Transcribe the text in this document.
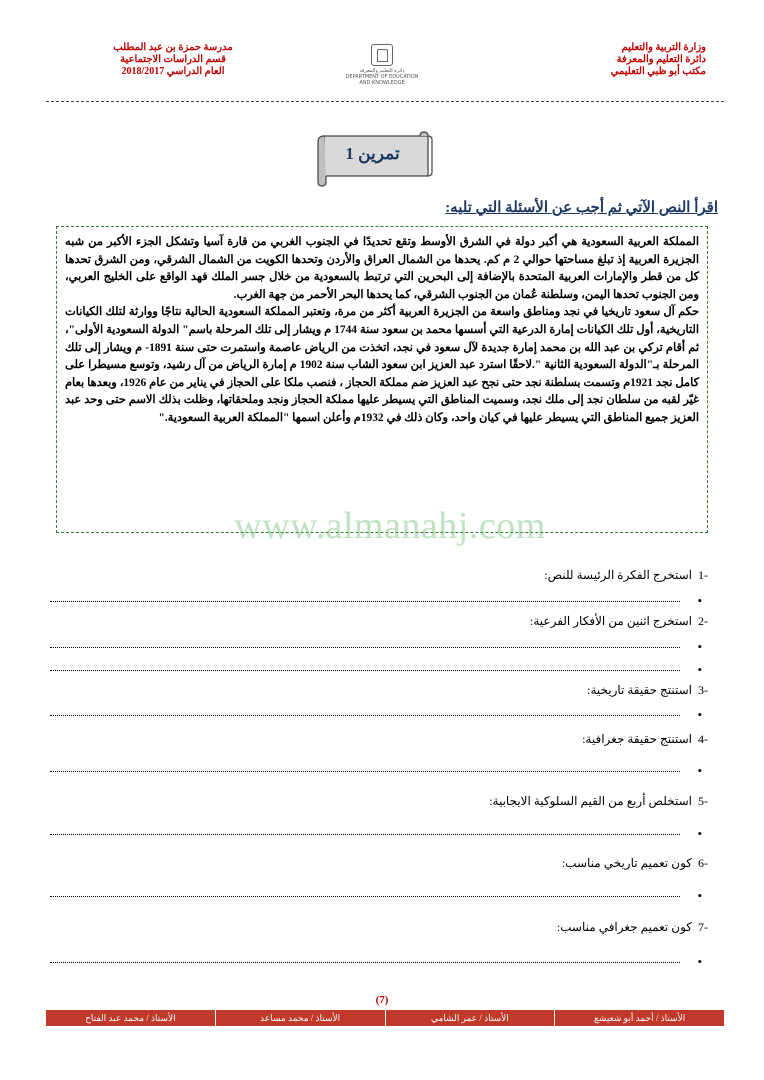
وزارة التربية والتعليم
دائرة التعليم والمعرفة
مكتب أبو ظبي التعليمي
دائرة التعليم والمعرفة
DEPARTMENT OF EDUCATION AND KNOWLEDGE
مدرسة حمزة بن عبد المطلب
قسم الدراسات الاجتماعية
العام الدراسي 2018/2017
تمرين 1
اقرأ النص الآتي ثم أجب عن الأسئلة التي تليه:

المملكة العربية السعودية هي أكبر دولة في الشرق الأوسط وتقع تحديدًا في الجنوب الغربي من قارة آسيا وتشكل الجزء الأكبر من شبه الجزيرة العربية إذ تبلغ مساحتها حوالي 2 م كم. يحدها من الشمال العراق والأردن وتحدها الكويت من الشمال الشرقي، ومن الشرق تحدها كل من قطر والإمارات العربية المتحدة بالإضافة إلى البحرين التي ترتبط بالسعودية من خلال جسر الملك فهد الواقع على الخليج العربي، ومن الجنوب تحدها اليمن، وسلطنة عُمان من الجنوب الشرقي، كما يحدها البحر الأحمر من جهة الغرب.

حكم آل سعود تاريخيا في نجد ومناطق واسعة من الجزيرة العربية أكثر من مرة، وتعتبر المملكة السعودية الحالية نتاجًا ووارثة لتلك الكيانات التاريخية، أول تلك الكيانات إمارة الدرعية التي أسسها محمد بن سعود سنة 1744 م ويشار إلى تلك المرحلة باسم" الدولة السعودية الأولى"، ثم أقام تركي بن عبد الله بن محمد إمارة جديدة لآل سعود في نجد، اتخذت من الرياض عاصمة واستمرت حتى سنة 1891- م ويشار إلى تلك المرحلة بـ"الدولة السعودية الثانية ".لاحقًا استرد عبد العزيز ابن سعود الشاب سنة 1902 م إمارة الرياض من آل رشيد، وتوسع مسيطرا على كامل نجد 1921م وتسمت بسلطنة نجد حتى نجح عبد العزيز ضم مملكة الحجاز ، فنصب ملكا على الحجاز في يناير من عام 1926، وبعدها بعام غيّر لقبه من سلطان نجد إلى ملك نجد، وسميت المناطق التي يسيطر عليها مملكة الحجاز ونجد وملحقاتها، وظلت بذلك الاسم حتى وحد عبد العزيز جميع المناطق التي يسيطر عليها في كيان واحد، وكان ذلك في 1932م وأعلن اسمها "المملكة العربية السعودية."

www.almanahj.com
-1استخرج الفكرة الرئيسة للنص:
•
-2استخرج اثنين من الأفكار الفرعية:
•
•
-3استنتج حقيقة تاريخية:
•
-4استنتج حقيقة جغرافية:
•
-5استخلص أربع من القيم السلوكية الايجابية:
•
-6كون تعميم تاريخي مناسب:
•
-7كون تعميم جغرافي مناسب:
•
(7)
الأستاذ / أحمد أبو شعيشع
الأستاذ / عمر الشامي
الأستاذ / محمد مساعد
الأستاذ / محمد عبد الفتاح
